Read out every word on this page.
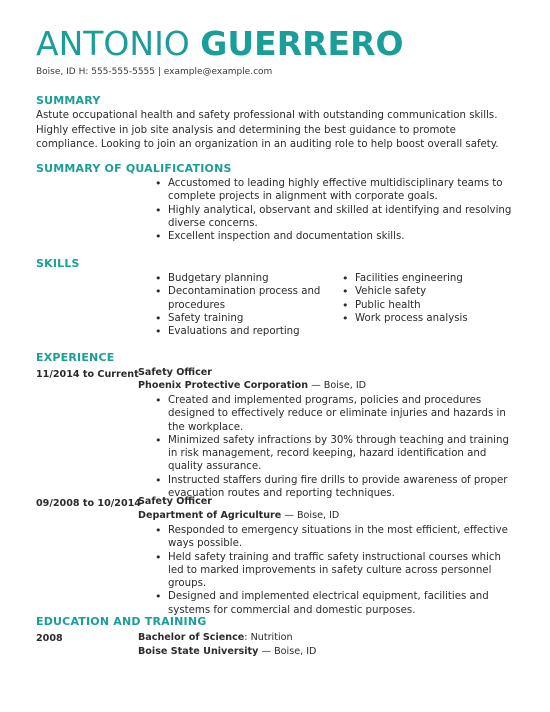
ANTONIO GUERRERO
Boise, ID H: 555-555-5555 | example@example.com
SUMMARY
Astute occupational health and safety professional with outstanding communication skills. Highly effective in job site analysis and determining the best guidance to promote compliance. Looking to join an organization in an auditing role to help boost overall safety.
SUMMARY OF QUALIFICATIONS
• Accustomed to leading highly effective multidisciplinary teams to complete projects in alignment with corporate goals.
• Highly analytical, observant and skilled at identifying and resolving diverse concerns.
• Excellent inspection and documentation skills.
SKILLS
• Budgetary planning
• Decontamination process and procedures
• Safety training
• Evaluations and reporting
• Facilities engineering
• Vehicle safety
• Public health
• Work process analysis
EXPERIENCE
11/2014 to Current Safety Officer
Phoenix Protective Corporation — Boise, ID
• Created and implemented programs, policies and procedures designed to effectively reduce or eliminate injuries and hazards in the workplace.
• Minimized safety infractions by 30% through teaching and training in risk management, record keeping, hazard identification and quality assurance.
• Instructed staffers during fire drills to provide awareness of proper evacuation routes and reporting techniques.
09/2008 to 10/2014
Safety Officer
Department of Agriculture — Boise, ID
• Responded to emergency situations in the most efficient, effective ways possible.
• Held safety training and traffic safety instructional courses which led to marked improvements in safety culture across personnel groups.
• Designed and implemented electrical equipment, facilities and systems for commercial and domestic purposes.
EDUCATION AND TRAINING
2008	Bachelor of Science: Nutrition
Boise State University — Boise, ID
